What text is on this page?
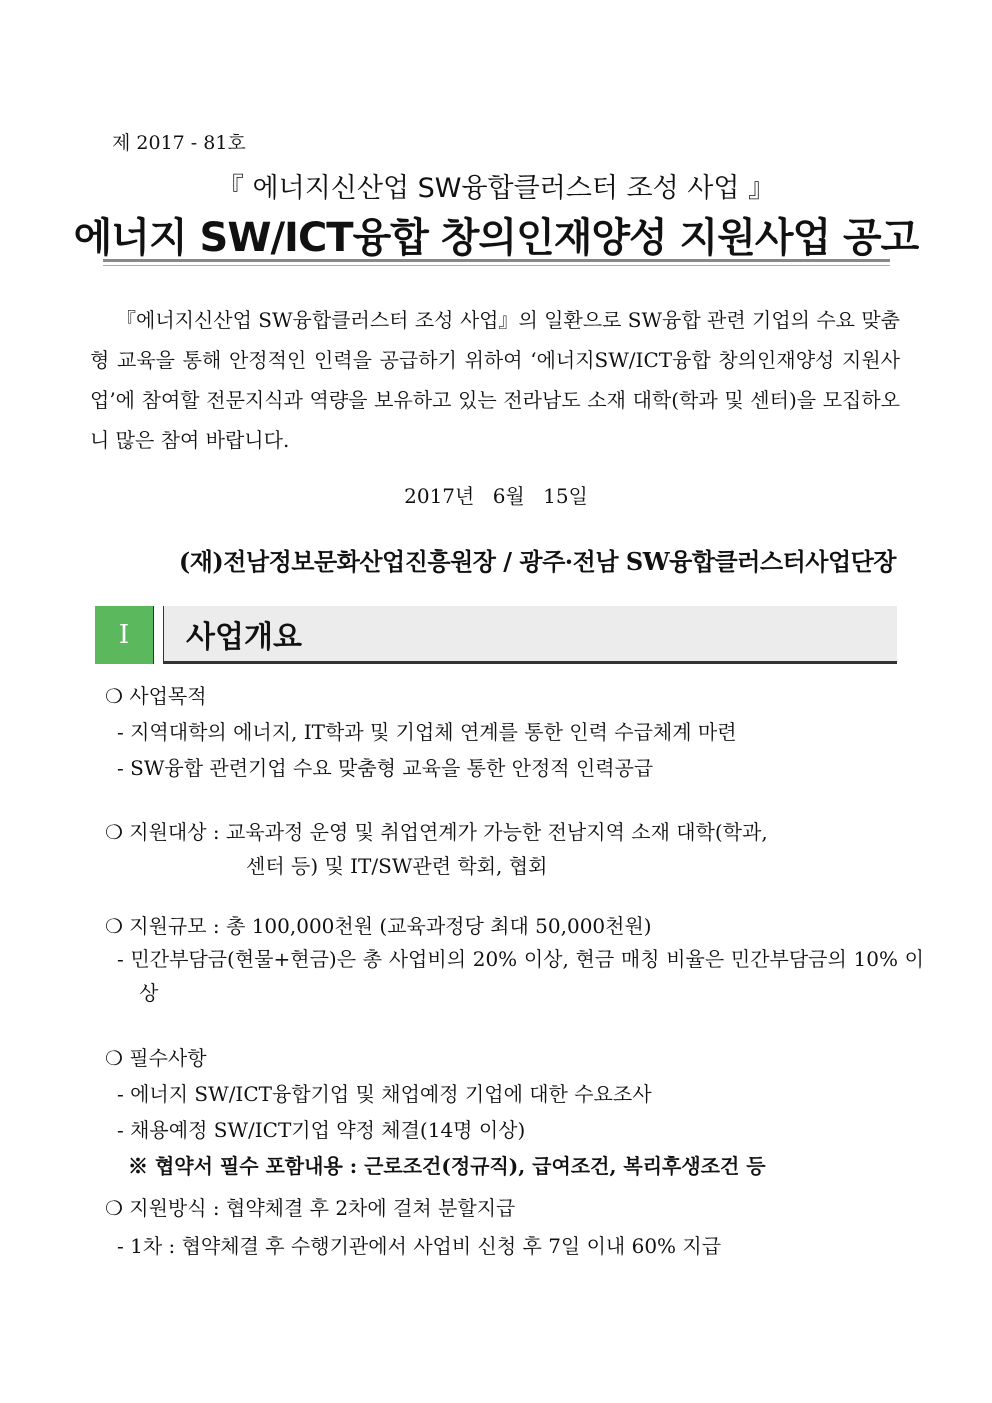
제 2017 - 81호
『 에너지신산업 SW융합클러스터 조성 사업 』
에너지 SW/ICT융합 창의인재양성 지원사업 공고
『에너지신산업 SW융합클러스터 조성 사업』의 일환으로 SW융합 관련 기업의 수요 맞춤형 교육을 통해 안정적인 인력을 공급하기 위하여 ‘에너지SW/ICT융합 창의인재양성 지원사업’에 참여할 전문지식과 역량을 보유하고 있는 전라남도 소재 대학(학과 및 센터)을 모집하오니 많은 참여 바랍니다.
2017년 6월 15일
(재)전남정보문화산업진흥원장 / 광주·전남 SW융합클러스터사업단장
I	사업개요
❍ 사업목적
- 지역대학의 에너지, IT학과 및 기업체 연계를 통한 인력 수급체계 마련
- SW융합 관련기업 수요 맞춤형 교육을 통한 안정적 인력공급
❍ 지원대상 : 교육과정 운영 및 취업연계가 가능한 전남지역 소재 대학(학과,
센터 등) 및 IT/SW관련 학회, 협회
❍ 지원규모 : 총 100,000천원 (교육과정당 최대 50,000천원)
- 민간부담금(현물+현금)은 총 사업비의 20% 이상, 현금 매칭 비율은 민간부담금의 10% 이상
❍ 필수사항
- 에너지 SW/ICT융합기업 및 채업예정 기업에 대한 수요조사
- 채용예정 SW/ICT기업 약정 체결(14명 이상)
※ 협약서 필수 포함내용 : 근로조건(정규직), 급여조건, 복리후생조건 등
❍ 지원방식 : 협약체결 후 2차에 걸쳐 분할지급
- 1차 : 협약체결 후 수행기관에서 사업비 신청 후 7일 이내 60% 지급
